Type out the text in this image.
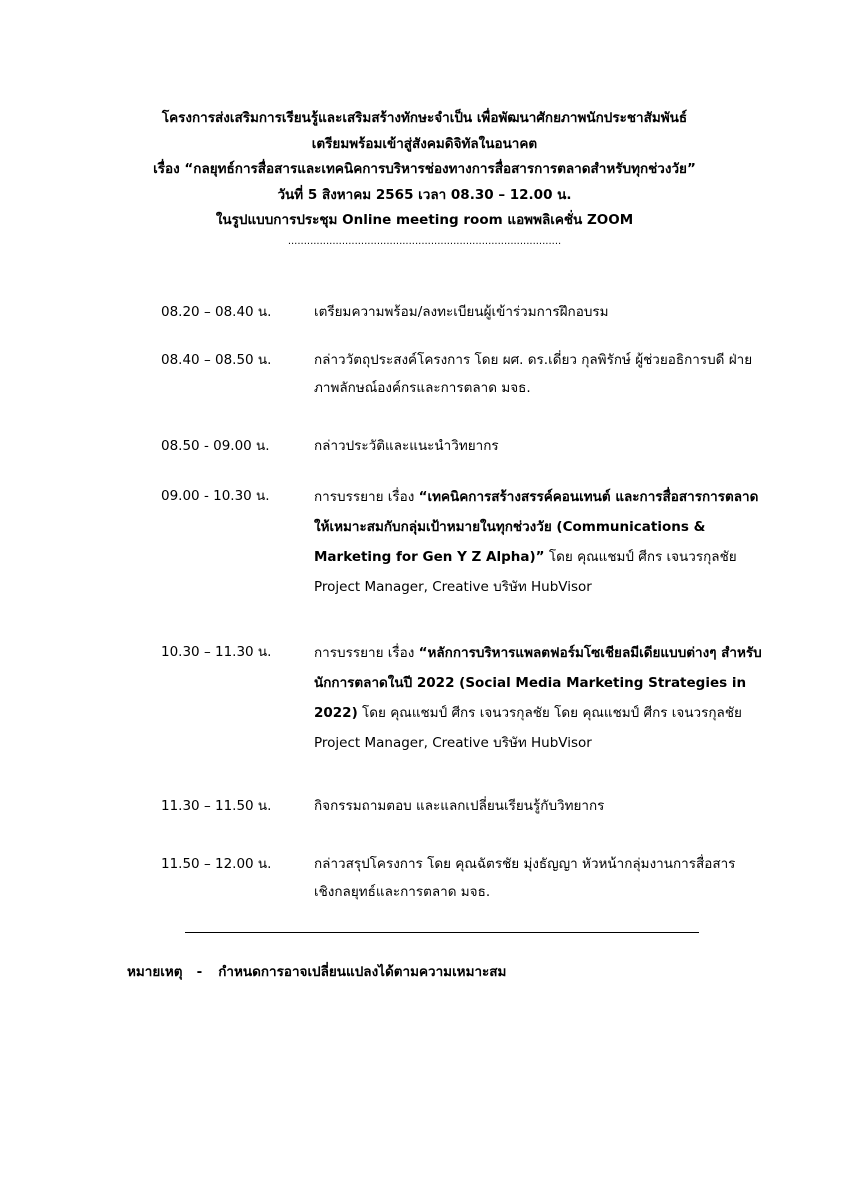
โครงการส่งเสริมการเรียนรู้และเสริมสร้างทักษะจำเป็น เพื่อพัฒนาศักยภาพนักประชาสัมพันธ์
เตรียมพร้อมเข้าสู่สังคมดิจิทัลในอนาคต
เรื่อง “กลยุทธ์การสื่อสารและเทคนิคการบริหารช่องทางการสื่อสารการตลาดสำหรับทุกช่วงวัย”
วันที่ 5 สิงหาคม 2565 เวลา 08.30 – 12.00 น.
ในรูปแบบการประชุม Online meeting room แอพพลิเคชั่น ZOOM
......................................................................................
08.20 – 08.40 น.	เตรียมความพร้อม/ลงทะเบียนผู้เข้าร่วมการฝึกอบรม
08.40 – 08.50 น.	กล่าววัตถุประสงค์โครงการ โดย ผศ. ดร.เดี่ยว กุลพิรักษ์ ผู้ช่วยอธิการบดี ฝ่ายภาพลักษณ์องค์กรและการตลาด มจธ.
08.50 - 09.00 น.	กล่าวประวัติและแนะนำวิทยากร
09.00 - 10.30 น.	การบรรยาย เรื่อง “เทคนิคการสร้างสรรค์คอนเทนต์ และการสื่อสารการตลาดให้เหมาะสมกับกลุ่มเป้าหมายในทุกช่วงวัย (Communications & Marketing for Gen Y Z Alpha)” โดย คุณแชมป์ ศีกร เจนวรกุลชัย Project Manager, Creative บริษัท HubVisor
10.30 – 11.30 น.	การบรรยาย เรื่อง “หลักการบริหารแพลตฟอร์มโซเชียลมีเดียแบบต่างๆ สำหรับนักการตลาดในปี 2022 (Social Media Marketing Strategies in 2022) โดย คุณแชมป์ ศีกร เจนวรกุลชัย โดย คุณแชมป์ ศีกร เจนวรกุลชัย Project Manager, Creative บริษัท HubVisor
11.30 – 11.50 น.	กิจกรรมถามตอบ และแลกเปลี่ยนเรียนรู้กับวิทยากร
11.50 – 12.00 น.	กล่าวสรุปโครงการ โดย คุณฉัตรชัย มุ่งธัญญา หัวหน้ากลุ่มงานการสื่อสารเชิงกลยุทธ์และการตลาด มจธ.
หมายเหตุ - กำหนดการอาจเปลี่ยนแปลงได้ตามความเหมาะสม
